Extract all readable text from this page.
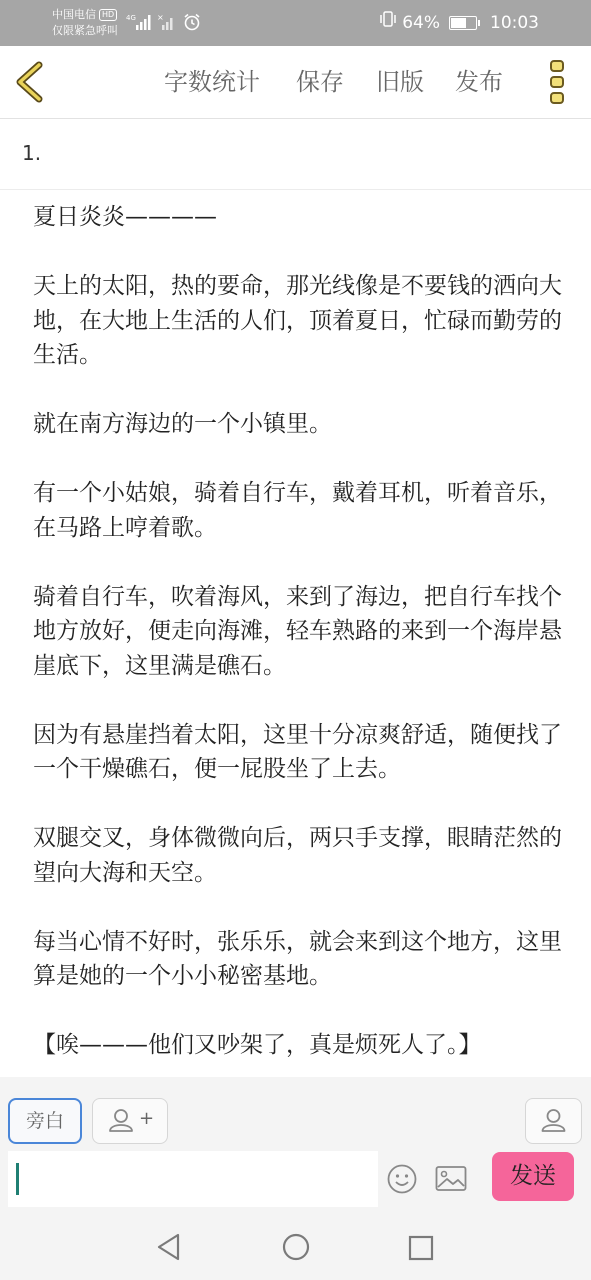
中国电信 HD
仅限紧急呼叫
4G	×	64%	10:03
字数统计 保存 旧版 发布
1.

夏日炎炎————

天上的太阳，热的要命，那光线像是不要钱的洒向大地，在大地上生活的人们，顶着夏日，忙碌而勤劳的生活。

就在南方海边的一个小镇里。

有一个小姑娘，骑着自行车，戴着耳机，听着音乐，在马路上哼着歌。

骑着自行车，吹着海风，来到了海边，把自行车找个地方放好，便走向海滩，轻车熟路的来到一个海岸悬崖底下，这里满是礁石。

因为有悬崖挡着太阳，这里十分凉爽舒适，随便找了一个干燥礁石，便一屁股坐了上去。

双腿交叉，身体微微向后，两只手支撑，眼睛茫然的望向大海和天空。

每当心情不好时，张乐乐，就会来到这个地方，这里算是她的一个小小秘密基地。

【唉———他们又吵架了，真是烦死人了。】

旁白	+
发送
